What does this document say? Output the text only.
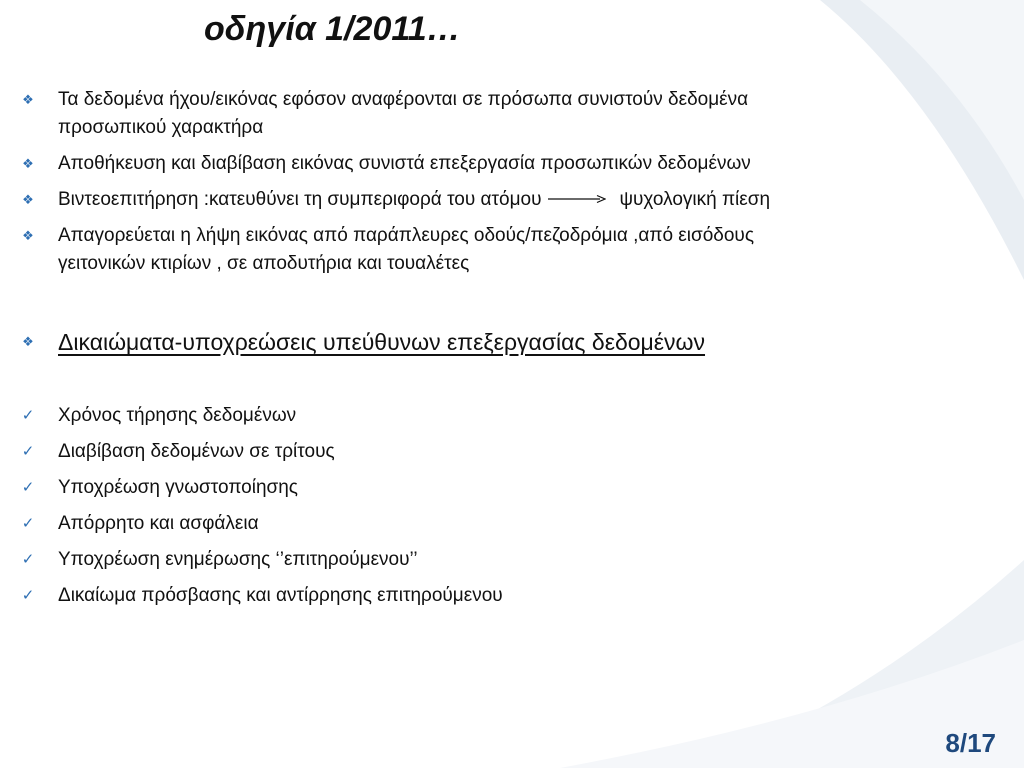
οδηγία 1/2011…
❖ Τα δεδομένα ήχου/εικόνας εφόσον αναφέρονται σε πρόσωπα συνιστούν δεδομένα
προσωπικού χαρακτήρα
❖ Αποθήκευση και διαβίβαση εικόνας συνιστά επεξεργασία προσωπικών δεδομένων
❖ Βιντεοεπιτήρηση :κατευθύνει τη συμπεριφορά του ατόμου	ψυχολογική πίεση
❖ Απαγορεύεται η λήψη εικόνας από παράπλευρες οδούς/πεζοδρόμια ,από εισόδους
γειτονικών κτιρίων , σε αποδυτήρια και τουαλέτες
❖ Δικαιώματα-υποχρεώσεις υπεύθυνων επεξεργασίας δεδομένων
✓ Χρόνος τήρησης δεδομένων
✓ Διαβίβαση δεδομένων σε τρίτους
✓ Υποχρέωση γνωστοποίησης
✓ Απόρρητο και ασφάλεια
✓ Υποχρέωση ενημέρωσης ‘’επιτηρούμενου’’
✓ Δικαίωμα πρόσβασης και αντίρρησης επιτηρούμενου
8/17
